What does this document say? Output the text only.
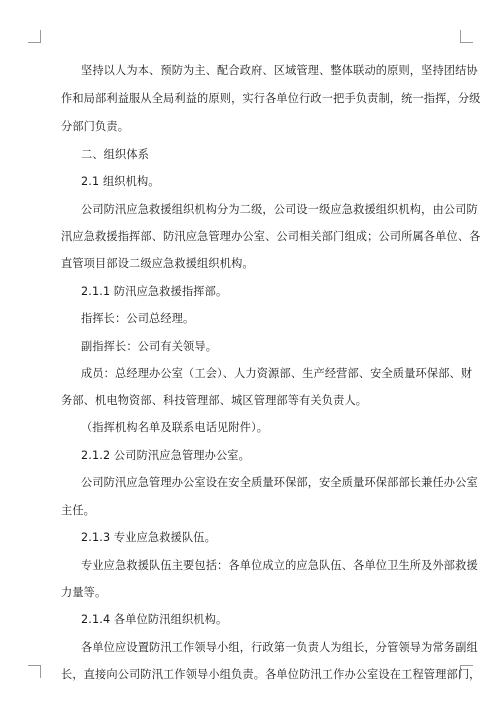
坚持以人为本、预防为主、配合政府、区域管理、整体联动的原则，坚持团结协
作和局部利益服从全局利益的原则，实行各单位行政一把手负责制，统一指挥，分级
分部门负责。
二、组织体系
2.1 组织机构。
公司防汛应急救援组织机构分为二级，公司设一级应急救援组织机构，由公司防
汛应急救援指挥部、防汛应急管理办公室、公司相关部门组成；公司所属各单位、各
直管项目部设二级应急救援组织机构。
2.1.1 防汛应急救援指挥部。
指挥长：公司总经理。
副指挥长：公司有关领导。
成员：总经理办公室（工会）、人力资源部、生产经营部、安全质量环保部、财
务部、机电物资部、科技管理部、城区管理部等有关负责人。
（指挥机构名单及联系电话见附件）。
2.1.2 公司防汛应急管理办公室。
公司防汛应急管理办公室设在安全质量环保部，安全质量环保部部长兼任办公室
主任。
2.1.3 专业应急救援队伍。
专业应急救援队伍主要包括：各单位成立的应急队伍、各单位卫生所及外部救援
力量等。
2.1.4 各单位防汛组织机构。
各单位应设置防汛工作领导小组，行政第一负责人为组长，分管领导为常务副组
长，直接向公司防汛工作领导小组负责。各单位防汛工作办公室设在工程管理部门，
